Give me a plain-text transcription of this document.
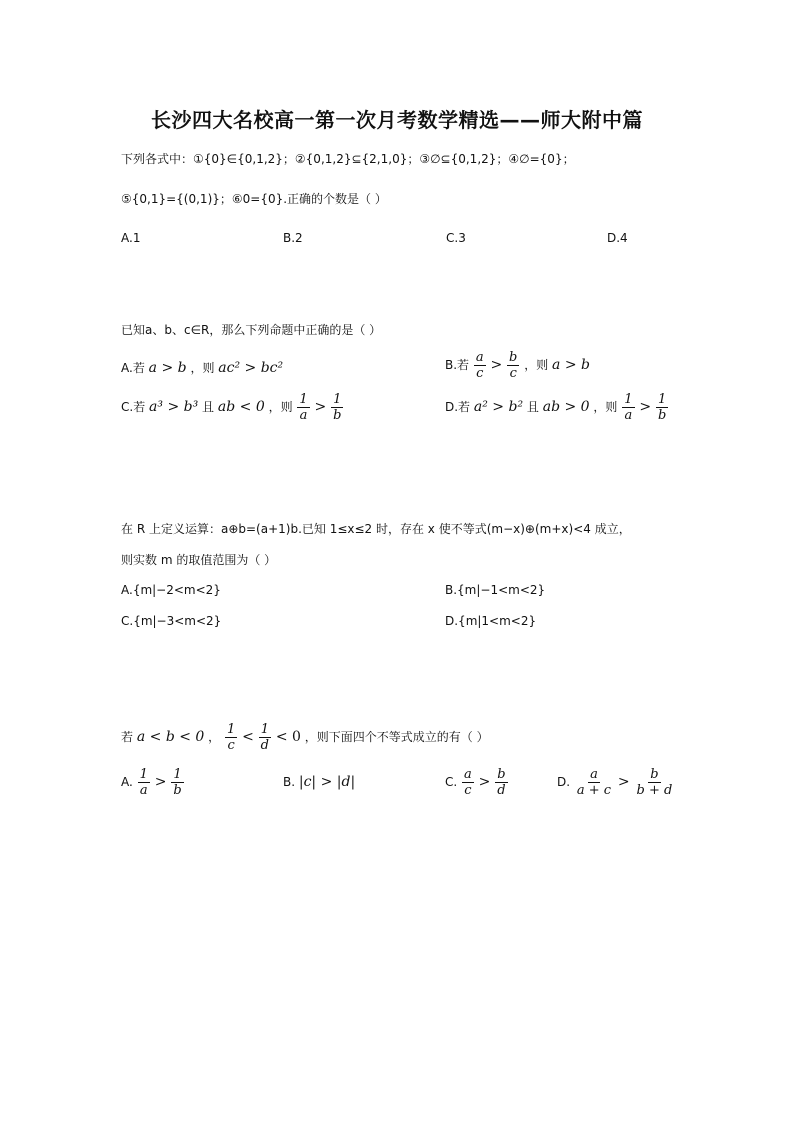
长沙四大名校高一第一次月考数学精选——师大附中篇
下列各式中：①{0}∈{0,1,2}；②{0,1,2}⊆{2,1,0}；③∅⊆{0,1,2}；④∅={0}；
⑤{0,1}={(0,1)}；⑥0={0}.正确的个数是（ ）
A.1	B.2	C.3	D.4
已知a、b、c∈R，那么下列命题中正确的是（ ）
A.若 a > b ，则 ac² > bc²	B.若 $\frac{a}{c} > \frac{b}{c}$ ，则 a > b
C.若 a³ > b³ 且 ab < 0 ，则 $\frac{1}{a} > \frac{1}{b}$	D.若 a² > b² 且 ab > 0 ，则 $\frac{1}{a} > \frac{1}{b}$
在 R 上定义运算：a⊕b=(a+1)b.已知 1≤x≤2 时，存在 x 使不等式(m−x)⊕(m+x)<4 成立，
则实数 m 的取值范围为（ ）
A.{m|−2<m<2}	B.{m|−1<m<2}
C.{m|−3<m<2}	D.{m|1<m<2}
若 a < b < 0 ， $\frac{1}{c} < \frac{1}{d} < 0$ ，则下面四个不等式成立的有（ ）
A. $\frac{1}{a} > \frac{1}{b}$	B. |c| > |d|	C. $\frac{a}{c} > \frac{b}{d}$	D. $\frac{a}{a + c} > \frac{b}{b + d}$
